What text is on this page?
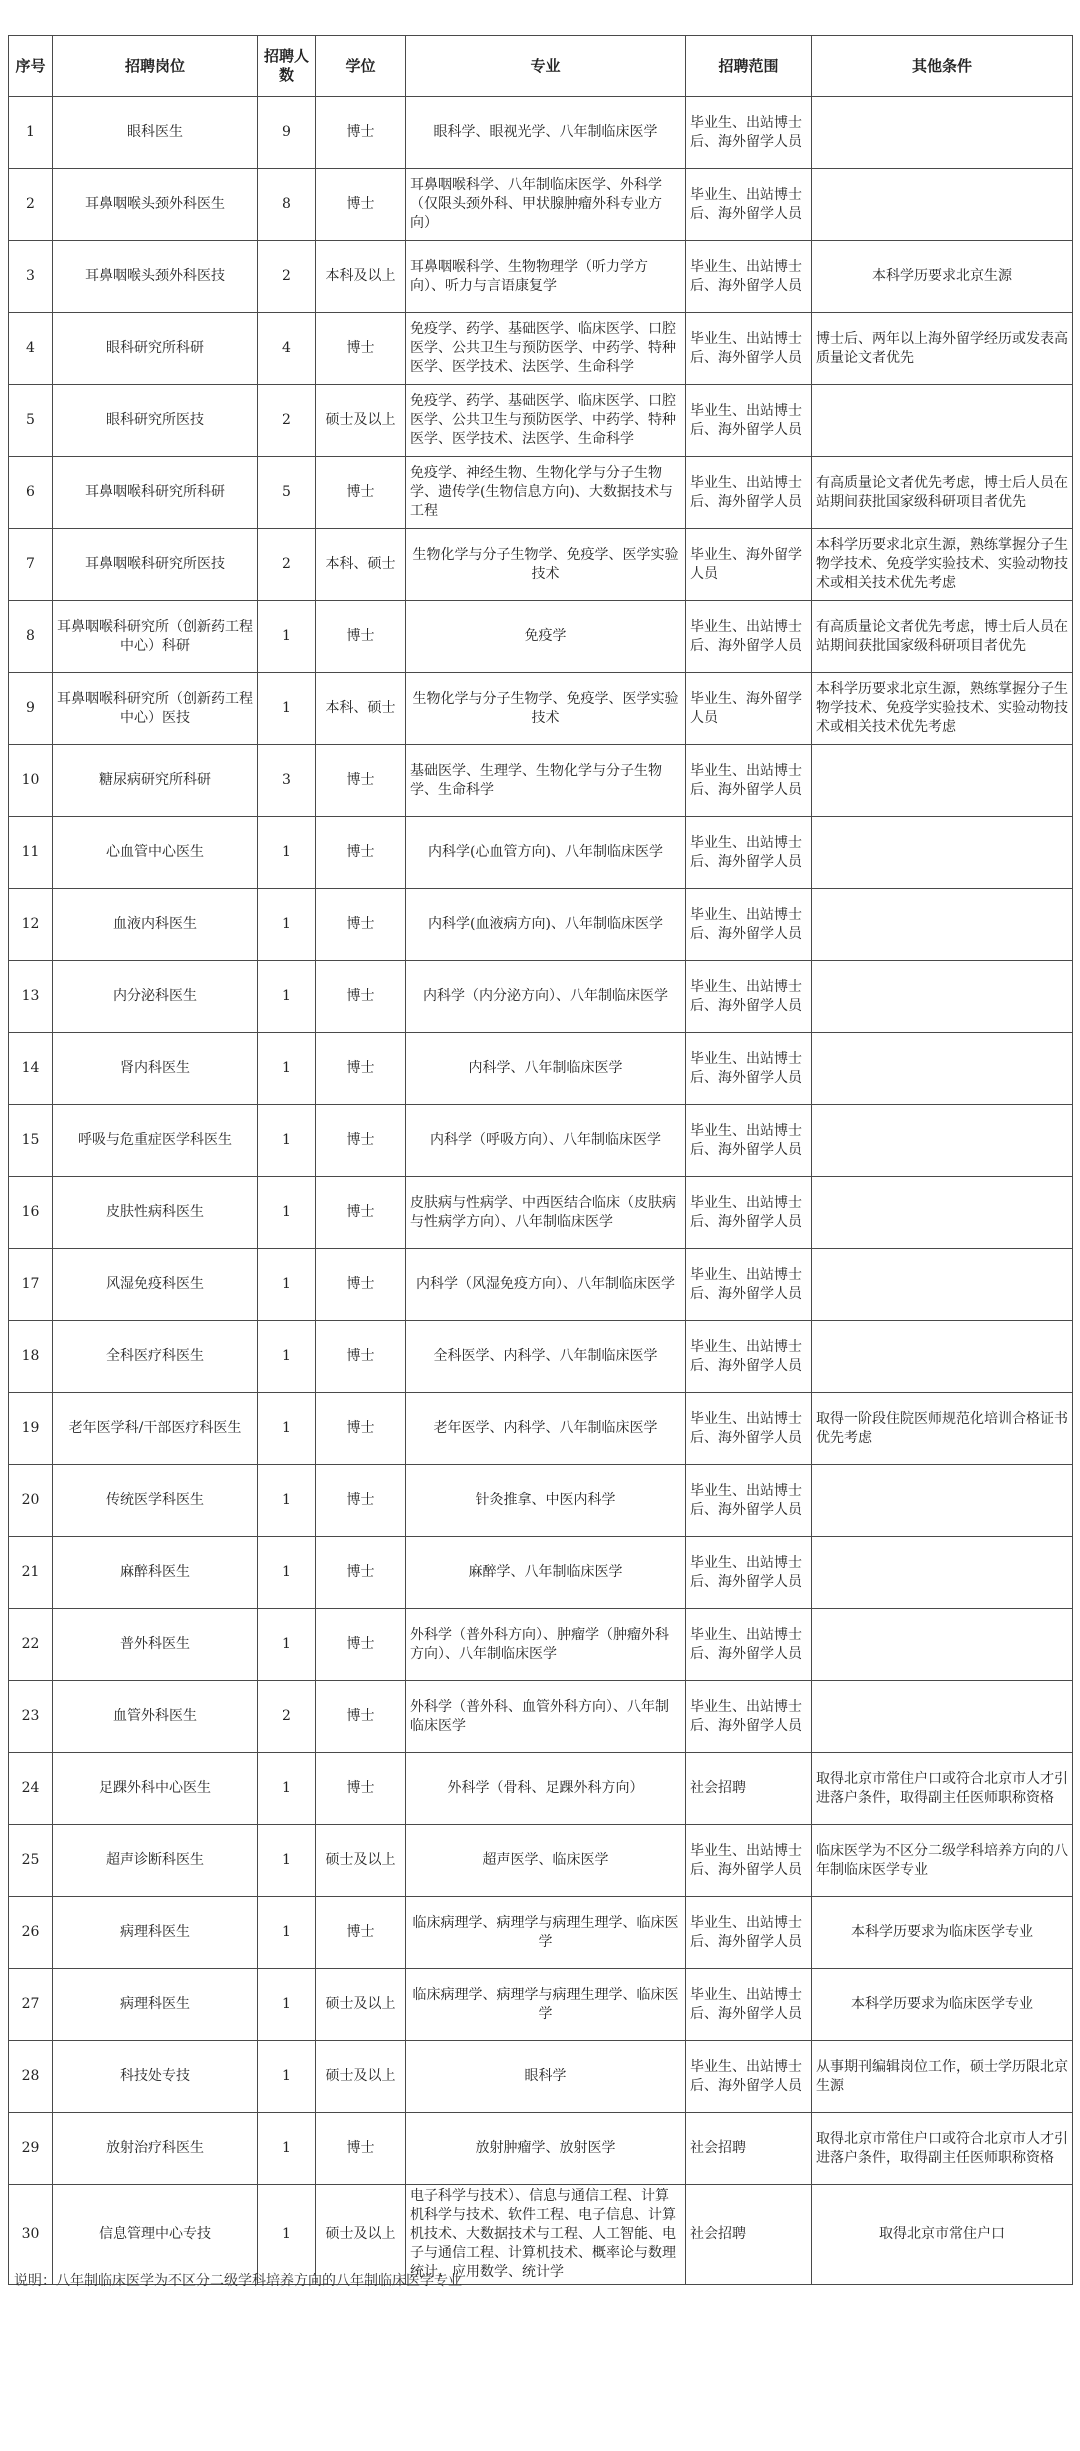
序号	招聘岗位	招聘人数	学位	专业	招聘范围	其他条件
1	眼科医生	9	博士	眼科学、眼视光学、八年制临床医学	毕业生、出站博士后、海外留学人员	
2	耳鼻咽喉头颈外科医生	8	博士	耳鼻咽喉科学、八年制临床医学、外科学（仅限头颈外科、甲状腺肿瘤外科专业方向）	毕业生、出站博士后、海外留学人员	
3	耳鼻咽喉头颈外科医技	2	本科及以上	耳鼻咽喉科学、生物物理学（听力学方向）、听力与言语康复学	毕业生、出站博士后、海外留学人员	本科学历要求北京生源
4	眼科研究所科研	4	博士	免疫学、药学、基础医学、临床医学、口腔医学、公共卫生与预防医学、中药学、特种医学、医学技术、法医学、生命科学	毕业生、出站博士后、海外留学人员	博士后、两年以上海外留学经历或发表高质量论文者优先
5	眼科研究所医技	2	硕士及以上	免疫学、药学、基础医学、临床医学、口腔医学、公共卫生与预防医学、中药学、特种医学、医学技术、法医学、生命科学	毕业生、出站博士后、海外留学人员	
6	耳鼻咽喉科研究所科研	5	博士	免疫学、神经生物、生物化学与分子生物学、遗传学(生物信息方向)、大数据技术与工程	毕业生、出站博士后、海外留学人员	有高质量论文者优先考虑，博士后人员在站期间获批国家级科研项目者优先
7	耳鼻咽喉科研究所医技	2	本科、硕士	生物化学与分子生物学、免疫学、医学实验技术	毕业生、海外留学人员	本科学历要求北京生源，熟练掌握分子生物学技术、免疫学实验技术、实验动物技术或相关技术优先考虑
8	耳鼻咽喉科研究所（创新药工程中心）科研	1	博士	免疫学	毕业生、出站博士后、海外留学人员	有高质量论文者优先考虑，博士后人员在站期间获批国家级科研项目者优先
9	耳鼻咽喉科研究所（创新药工程中心）医技	1	本科、硕士	生物化学与分子生物学、免疫学、医学实验技术	毕业生、海外留学人员	本科学历要求北京生源，熟练掌握分子生物学技术、免疫学实验技术、实验动物技术或相关技术优先考虑
10	糖尿病研究所科研	3	博士	基础医学、生理学、生物化学与分子生物学、生命科学	毕业生、出站博士后、海外留学人员	
11	心血管中心医生	1	博士	内科学(心血管方向)、八年制临床医学	毕业生、出站博士后、海外留学人员	
12	血液内科医生	1	博士	内科学(血液病方向)、八年制临床医学	毕业生、出站博士后、海外留学人员	
13	内分泌科医生	1	博士	内科学（内分泌方向）、八年制临床医学	毕业生、出站博士后、海外留学人员	
14	肾内科医生	1	博士	内科学、八年制临床医学	毕业生、出站博士后、海外留学人员	
15	呼吸与危重症医学科医生	1	博士	内科学（呼吸方向）、八年制临床医学	毕业生、出站博士后、海外留学人员	
16	皮肤性病科医生	1	博士	皮肤病与性病学、中西医结合临床（皮肤病与性病学方向）、八年制临床医学	毕业生、出站博士后、海外留学人员	
17	风湿免疫科医生	1	博士	内科学（风湿免疫方向）、八年制临床医学	毕业生、出站博士后、海外留学人员	
18	全科医疗科医生	1	博士	全科医学、内科学、八年制临床医学	毕业生、出站博士后、海外留学人员	
19	老年医学科/干部医疗科医生	1	博士	老年医学、内科学、八年制临床医学	毕业生、出站博士后、海外留学人员	取得一阶段住院医师规范化培训合格证书优先考虑
20	传统医学科医生	1	博士	针灸推拿、中医内科学	毕业生、出站博士后、海外留学人员	
21	麻醉科医生	1	博士	麻醉学、八年制临床医学	毕业生、出站博士后、海外留学人员	
22	普外科医生	1	博士	外科学（普外科方向）、肿瘤学（肿瘤外科方向）、八年制临床医学	毕业生、出站博士后、海外留学人员	
23	血管外科医生	2	博士	外科学（普外科、血管外科方向）、八年制临床医学	毕业生、出站博士后、海外留学人员	
24	足踝外科中心医生	1	博士	外科学（骨科、足踝外科方向）	社会招聘	取得北京市常住户口或符合北京市人才引进落户条件，取得副主任医师职称资格
25	超声诊断科医生	1	硕士及以上	超声医学、临床医学	毕业生、出站博士后、海外留学人员	临床医学为不区分二级学科培养方向的八年制临床医学专业
26	病理科医生	1	博士	临床病理学、病理学与病理生理学、临床医学	毕业生、出站博士后、海外留学人员	本科学历要求为临床医学专业
27	病理科医生	1	硕士及以上	临床病理学、病理学与病理生理学、临床医学	毕业生、出站博士后、海外留学人员	本科学历要求为临床医学专业
28	科技处专技	1	硕士及以上	眼科学	毕业生、出站博士后、海外留学人员	从事期刊编辑岗位工作，硕士学历限北京生源
29	放射治疗科医生	1	博士	放射肿瘤学、放射医学	社会招聘	取得北京市常住户口或符合北京市人才引进落户条件，取得副主任医师职称资格
30	信息管理中心专技	1	硕士及以上	电子科学与技术）、信息与通信工程、计算机科学与技术、软件工程、电子信息、计算机技术、大数据技术与工程、人工智能、电子与通信工程、计算机技术、概率论与数理统计、应用数学、统计学	社会招聘	取得北京市常住户口
说明：八年制临床医学为不区分二级学科培养方向的八年制临床医学专业
